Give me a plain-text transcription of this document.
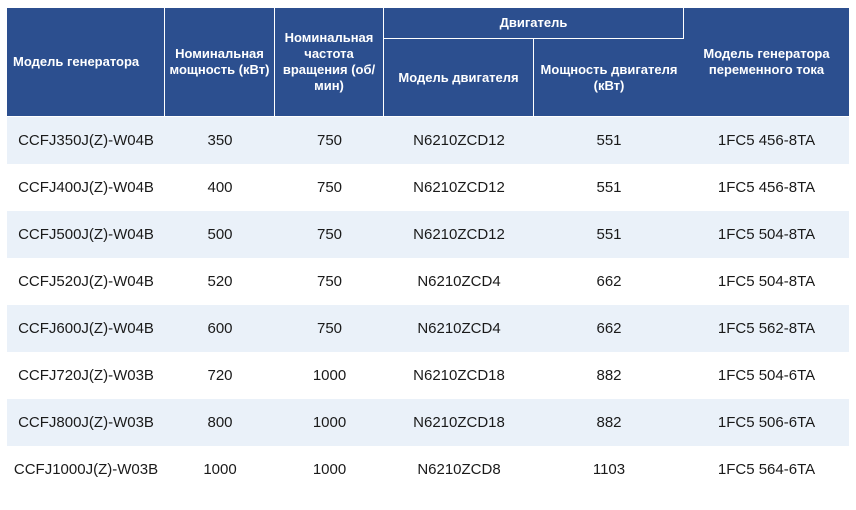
Модель генератора	Номинальная мощность (кВт)	Номинальная частота вращения (об/мин)	Двигатель		Модель генератора переменного тока
			Модель двигателя	Мощность двигателя (кВт)	
CCFJ350J(Z)-W04B	350	750	N6210ZCD12	551	1FC5 456-8TA
CCFJ400J(Z)-W04B	400	750	N6210ZCD12	551	1FC5 456-8TA
CCFJ500J(Z)-W04B	500	750	N6210ZCD12	551	1FC5 504-8TA
CCFJ520J(Z)-W04B	520	750	N6210ZCD4	662	1FC5 504-8TA
CCFJ600J(Z)-W04B	600	750	N6210ZCD4	662	1FC5 562-8TA
CCFJ720J(Z)-W03B	720	1000	N6210ZCD18	882	1FC5 504-6TA
CCFJ800J(Z)-W03B	800	1000	N6210ZCD18	882	1FC5 506-6TA
CCFJ1000J(Z)-W03B	1000	1000	N6210ZCD8	1103	1FC5 564-6TA
